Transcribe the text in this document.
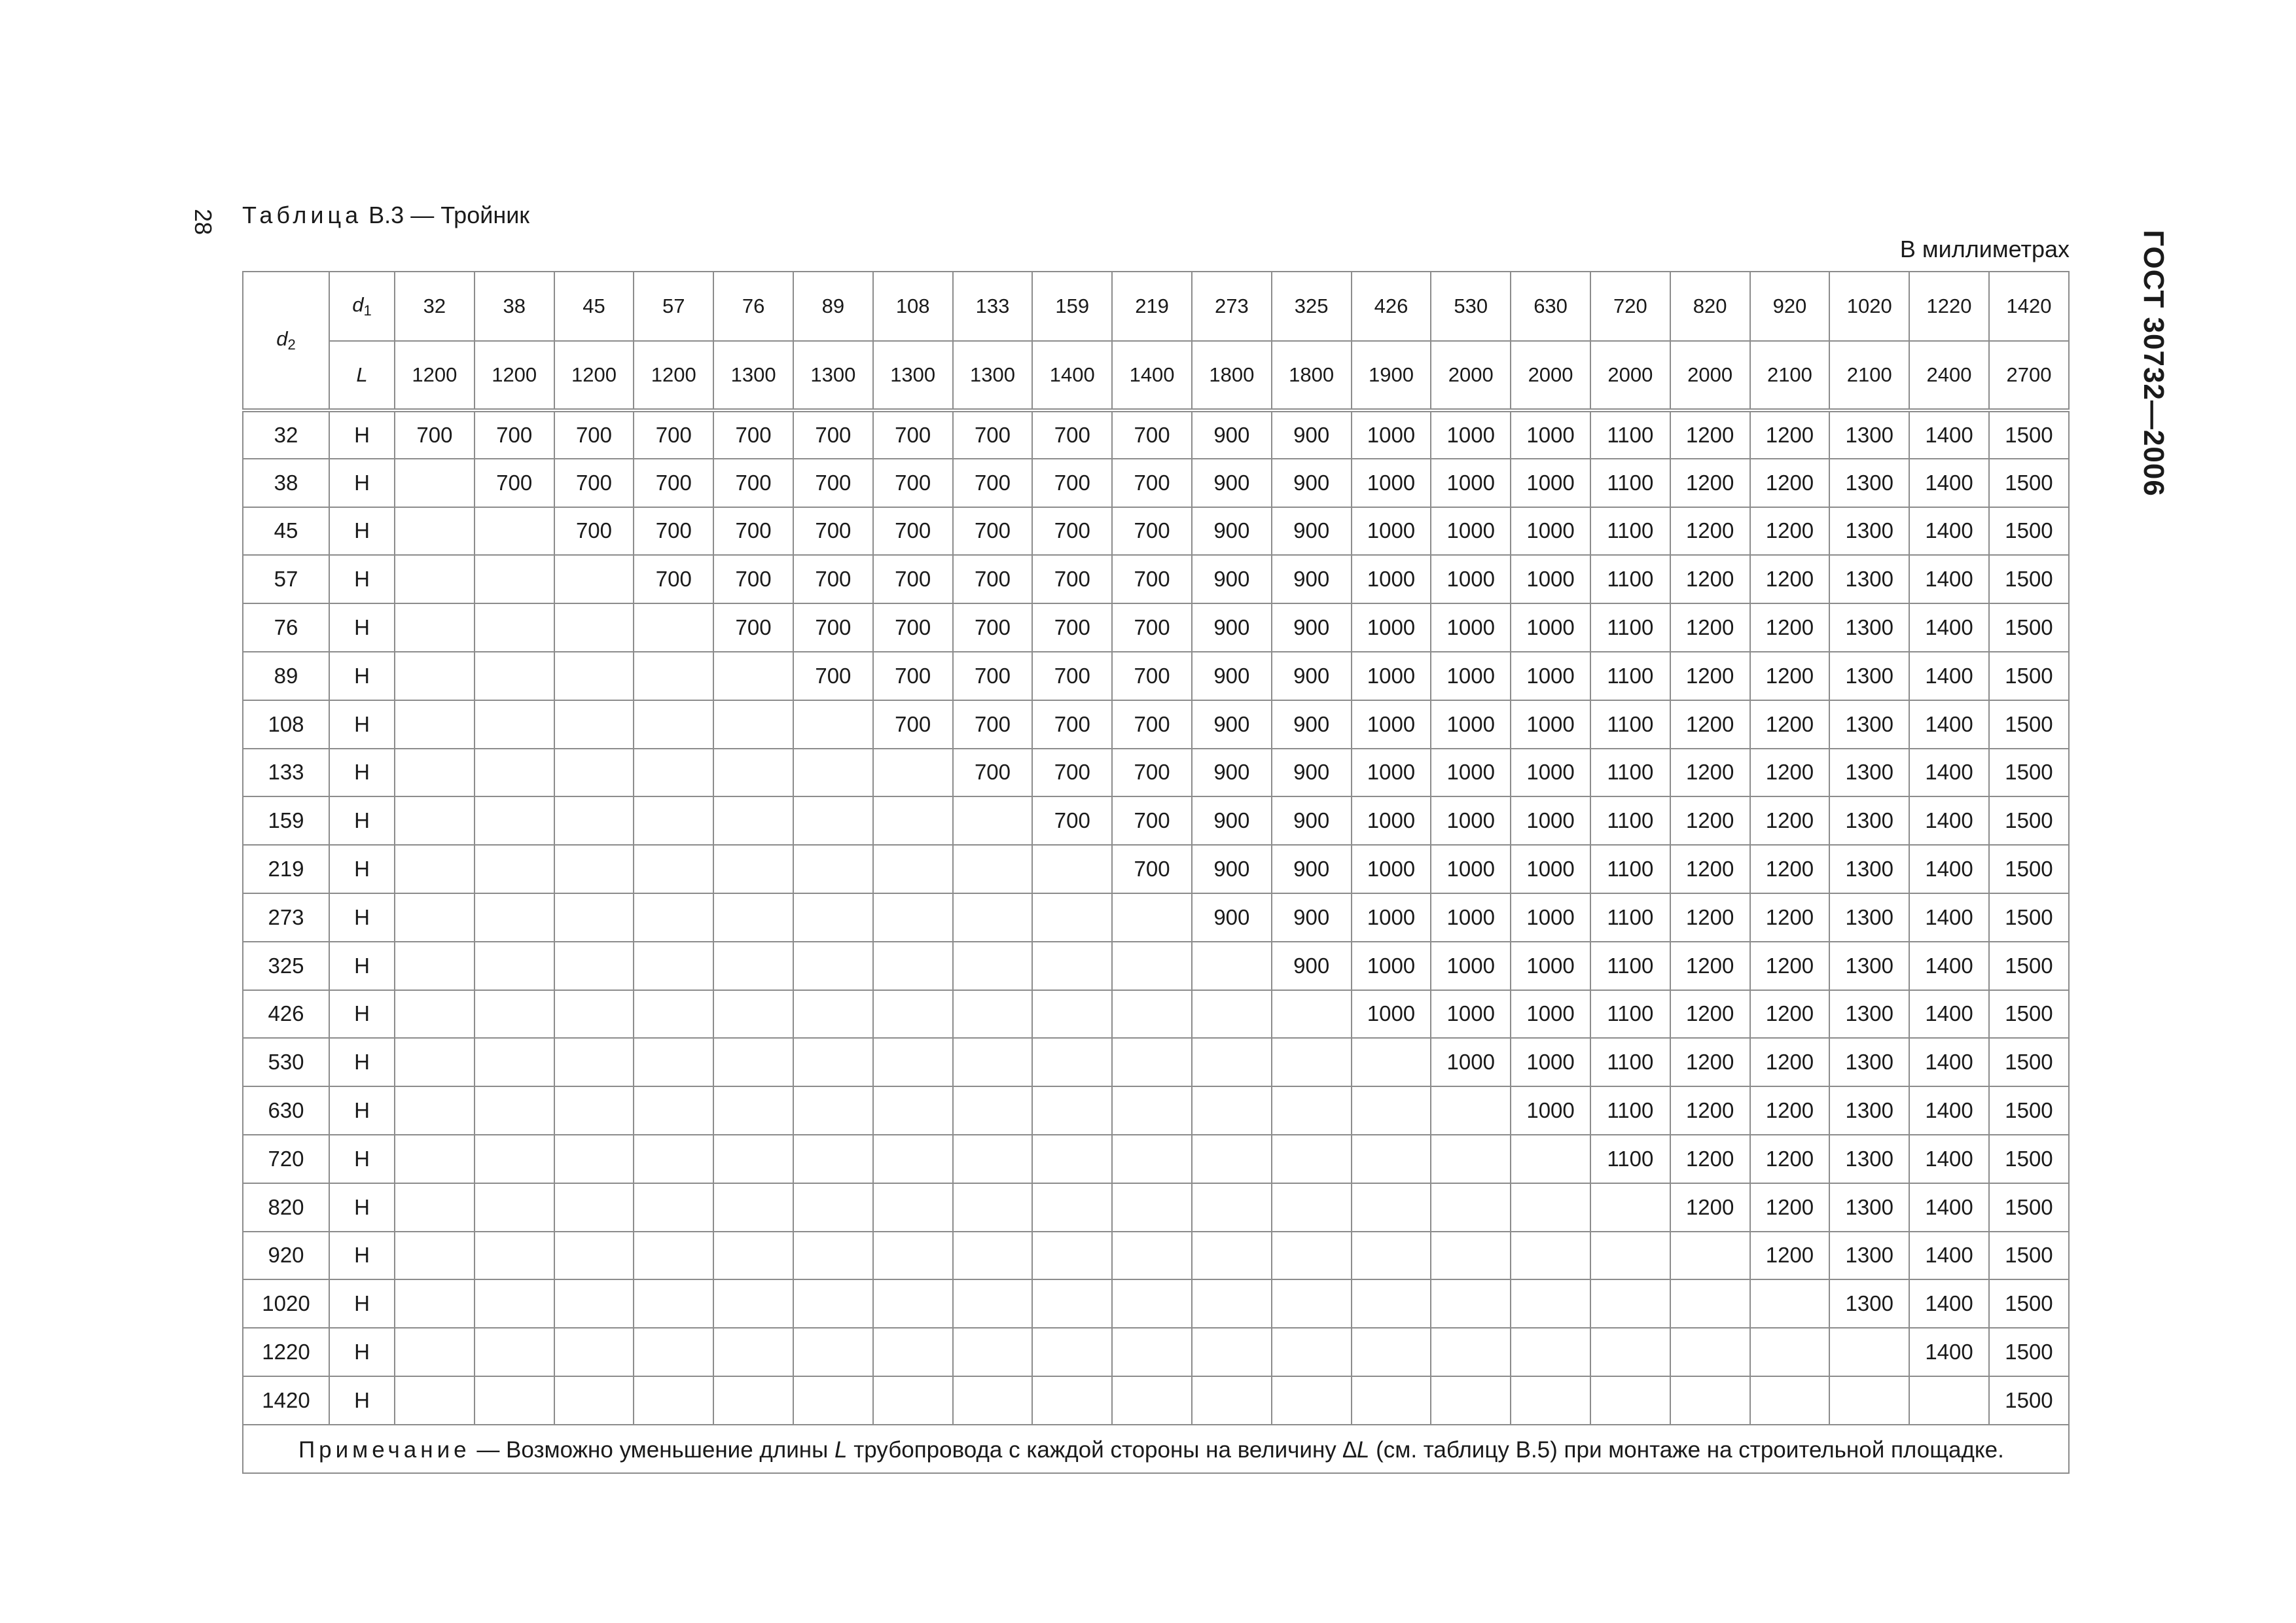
28
ГОСТ 30732—2006
Таблица В.3 — Тройник
В миллиметрах
$d_2$	$d_1$	32	38	45	57	76	89	108	133	159	219	273	325	426	530	630	720	820	920	1020	1220	1420
	L	1200	1200	1200	1200	1300	1300	1300	1300	1400	1400	1800	1800	1900	2000	2000	2000	2000	2100	2100	2400	2700
32	H	700	700	700	700	700	700	700	700	700	700	900	900	1000	1000	1000	1100	1200	1200	1300	1400	1500
38	H		700	700	700	700	700	700	700	700	700	900	900	1000	1000	1000	1100	1200	1200	1300	1400	1500
45	H			700	700	700	700	700	700	700	700	900	900	1000	1000	1000	1100	1200	1200	1300	1400	1500
57	H				700	700	700	700	700	700	700	900	900	1000	1000	1000	1100	1200	1200	1300	1400	1500
76	H					700	700	700	700	700	700	900	900	1000	1000	1000	1100	1200	1200	1300	1400	1500
89	H						700	700	700	700	700	900	900	1000	1000	1000	1100	1200	1200	1300	1400	1500
108	H							700	700	700	700	900	900	1000	1000	1000	1100	1200	1200	1300	1400	1500
133	H								700	700	700	900	900	1000	1000	1000	1100	1200	1200	1300	1400	1500
159	H									700	700	900	900	1000	1000	1000	1100	1200	1200	1300	1400	1500
219	H										700	900	900	1000	1000	1000	1100	1200	1200	1300	1400	1500
273	H											900	900	1000	1000	1000	1100	1200	1200	1300	1400	1500
325	H												900	1000	1000	1000	1100	1200	1200	1300	1400	1500
426	H													1000	1000	1000	1100	1200	1200	1300	1400	1500
530	H														1000	1000	1100	1200	1200	1300	1400	1500
630	H															1000	1100	1200	1200	1300	1400	1500
720	H																1100	1200	1200	1300	1400	1500
820	H																	1200	1200	1300	1400	1500
920	H																		1200	1300	1400	1500
1020	H																			1300	1400	1500
1220	H																				1400	1500
1420	H																					1500
Примечание — Возможно уменьшение длины L трубопровода с каждой стороны на величину ∆L (см. таблицу В.5) при монтаже на строительной площадке.																						
